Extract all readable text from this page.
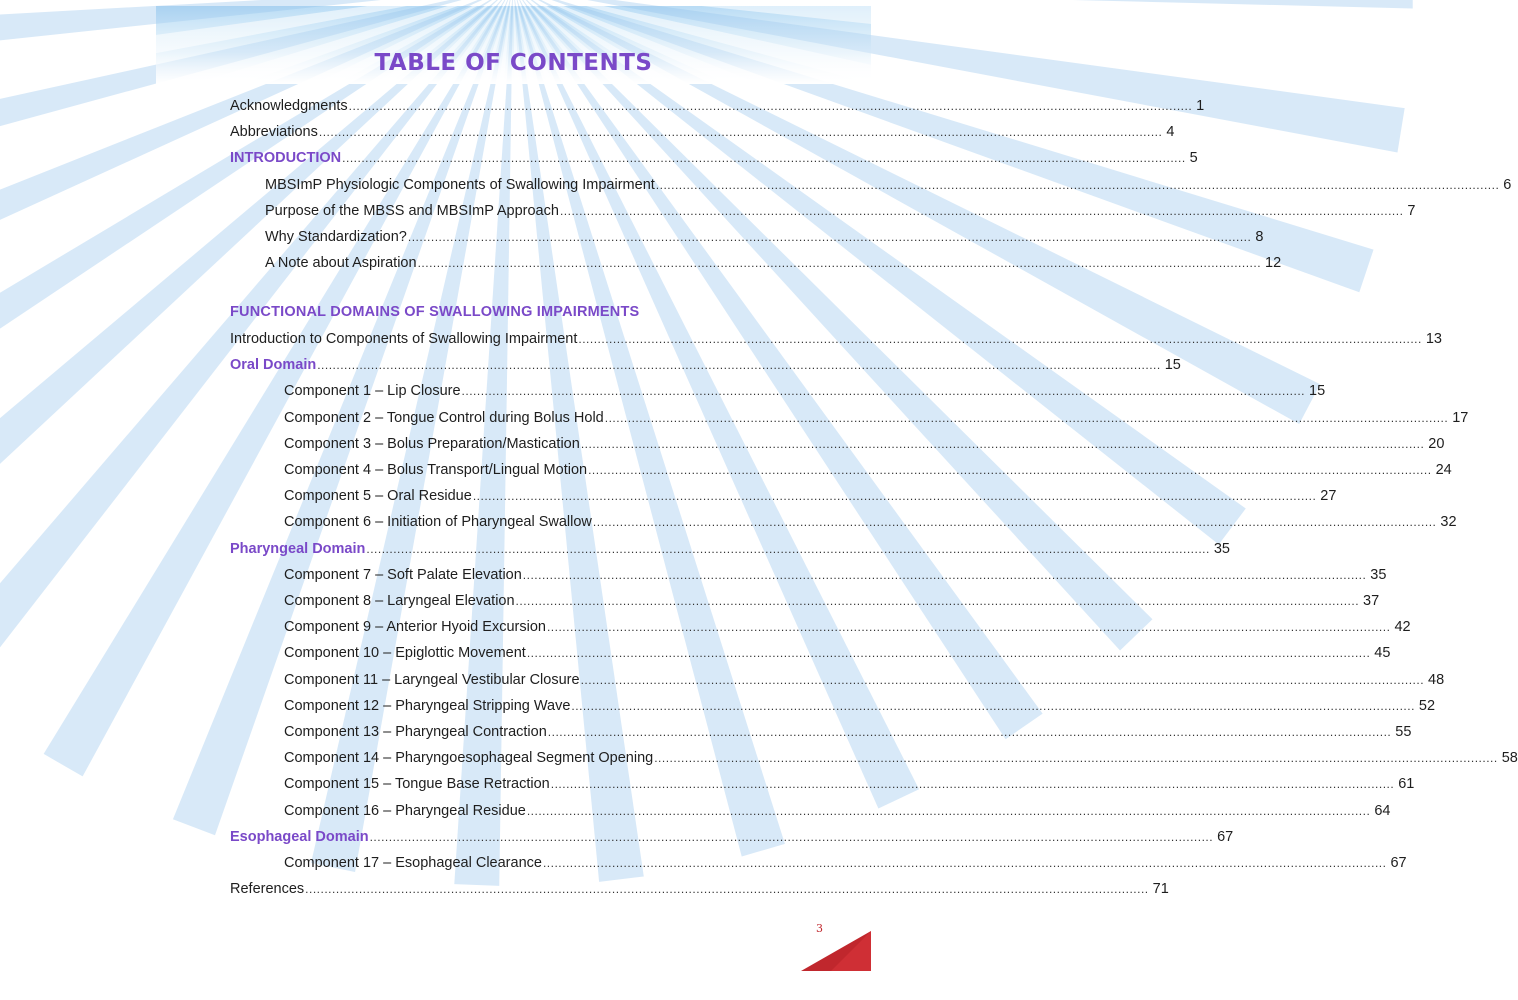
TABLE OF CONTENTS
Acknowledgments ............................................................................................................................................................................................................................ 1
Abbreviations ............................................................................................................................................................................................................................ 4
INTRODUCTION ............................................................................................................................................................................................................................ 5
MBSImP Physiologic Components of Swallowing Impairment ............................................................................................................................................................................................................................ 6
Purpose of the MBSS and MBSImP Approach ............................................................................................................................................................................................................................ 7
Why Standardization? ............................................................................................................................................................................................................................ 8
A Note about Aspiration ............................................................................................................................................................................................................................ 12
FUNCTIONAL DOMAINS OF SWALLOWING IMPAIRMENTS
Introduction to Components of Swallowing Impairment ............................................................................................................................................................................................................................ 13
Oral Domain ............................................................................................................................................................................................................................ 15
Component 1 – Lip Closure ............................................................................................................................................................................................................................ 15
Component 2 – Tongue Control during Bolus Hold ............................................................................................................................................................................................................................ 17
Component 3 – Bolus Preparation/Mastication ............................................................................................................................................................................................................................ 20
Component 4 – Bolus Transport/Lingual Motion ............................................................................................................................................................................................................................ 24
Component 5 – Oral Residue ............................................................................................................................................................................................................................ 27
Component 6 – Initiation of Pharyngeal Swallow ............................................................................................................................................................................................................................ 32
Pharyngeal Domain ............................................................................................................................................................................................................................ 35
Component 7 – Soft Palate Elevation ............................................................................................................................................................................................................................ 35
Component 8 – Laryngeal Elevation ............................................................................................................................................................................................................................ 37
Component 9 – Anterior Hyoid Excursion ............................................................................................................................................................................................................................ 42
Component 10 – Epiglottic Movement ............................................................................................................................................................................................................................ 45
Component 11 – Laryngeal Vestibular Closure ............................................................................................................................................................................................................................ 48
Component 12 – Pharyngeal Stripping Wave ............................................................................................................................................................................................................................ 52
Component 13 – Pharyngeal Contraction ............................................................................................................................................................................................................................ 55
Component 14 – Pharyngoesophageal Segment Opening ............................................................................................................................................................................................................................ 58
Component 15 – Tongue Base Retraction ............................................................................................................................................................................................................................ 61
Component 16 – Pharyngeal Residue ............................................................................................................................................................................................................................ 64
Esophageal Domain ............................................................................................................................................................................................................................ 67
Component 17 – Esophageal Clearance ............................................................................................................................................................................................................................ 67
References ............................................................................................................................................................................................................................ 71
3
